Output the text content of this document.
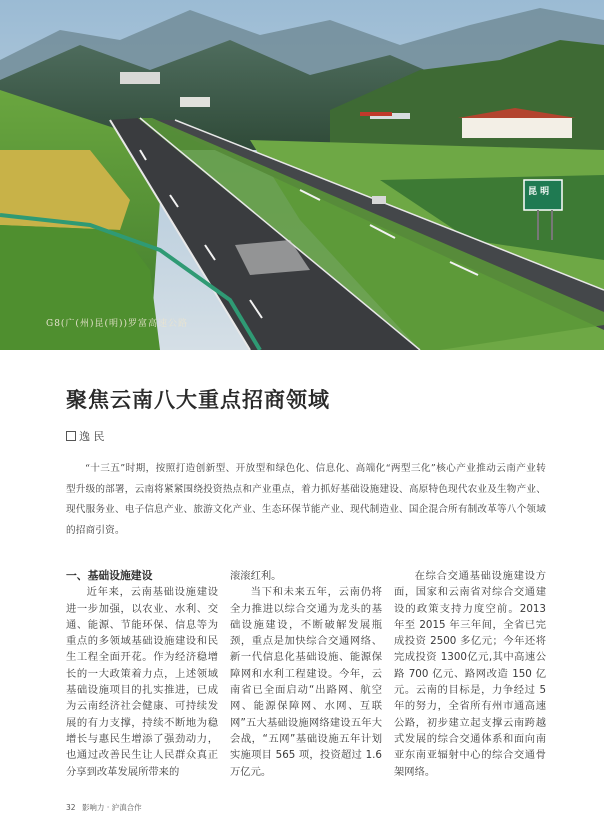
G8(广(州)昆(明))罗富高速公路
昆 明
聚焦云南八大重点招商领域
逸 民
“十三五”时期，按照打造创新型、开放型和绿色化、信息化、高端化“两型三化”核心产业推动云南产业转型升级的部署，云南将紧紧围绕投资热点和产业重点，着力抓好基础设施建设、高原特色现代农业及生物产业、现代服务业、电子信息产业、旅游文化产业、生态环保节能产业、现代制造业、国企混合所有制改革等八个领域的招商引资。

一、基础设施建设

近年来，云南基础设施建设进一步加强，以农业、水利、交通、能源、节能环保、信息等为重点的多领域基础设施建设和民生工程全面开花。作为经济稳增长的一大政策着力点，上述领域基础设施项目的扎实推进，已成为云南经济社会健康、可持续发展的有力支撑，持续不断地为稳增长与惠民生增添了强劲动力，也通过改善民生让人民群众真正分享到改革发展所带来的

滚滚红利。

当下和未来五年，云南仍将全力推进以综合交通为龙头的基础设施建设，不断破解发展瓶颈，重点是加快综合交通网络、新一代信息化基础设施、能源保障网和水利工程建设。今年，云南省已全面启动“出路网、航空网、能源保障网、水网、互联网”五大基础设施网络建设五年大会战，“五网”基础设施五年计划实施项目 565 项，投资超过 1.6 万亿元。

在综合交通基础设施建设方面，国家和云南省对综合交通建设的政策支持力度空前。2013 年至 2015 年三年间，全省已完成投资 2500 多亿元；今年还将完成投资 1300亿元,其中高速公路 700 亿元、路网改造 150 亿元。云南的目标是，力争经过 5 年的努力，全省所有州市通高速公路，初步建立起支撑云南跨越式发展的综合交通体系和面向南亚东南亚辐射中心的综合交通骨架网络。

32 影响力 · 沪滇合作
